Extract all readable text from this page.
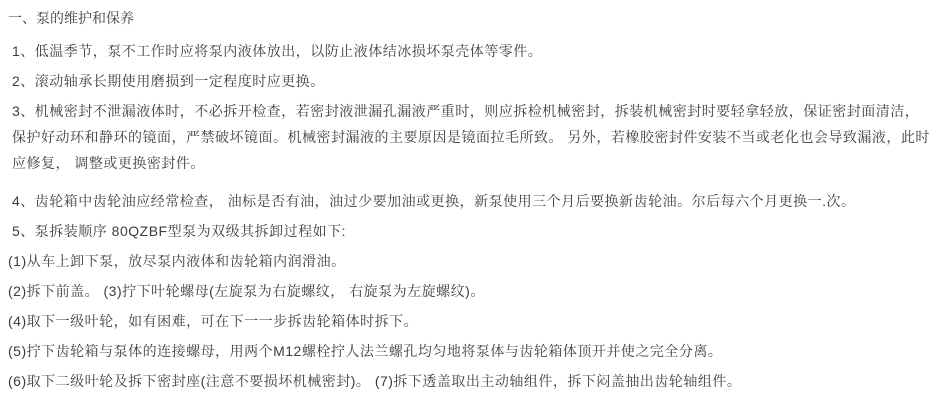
一、泵的维护和保养

1、低温季节，泵不工作时应将泵内液体放出，以防止液体结冰损坏泵壳体等零件。

2、滚动轴承长期使用磨损到一定程度时应更换。

3、机械密封不泄漏液体时，不必拆开检查，若密封液泄漏孔漏液严重时，则应拆检机械密封，拆装机械密封时要轻拿轻放，保证密封面清洁， 保护好动环和静环的镜面，严禁破坏镜面。机械密封漏液的主要原因是镜面拉毛所致。 另外，若橡胶密封件安装不当或老化也会导致漏液，此时应修复， 调整或更换密封件。

4、齿轮箱中齿轮油应经常检查， 油标是否有油，油过少要加油或更换，新泵使用三个月后要换新齿轮油。尔后每六个月更换一.次。

5、泵拆装顺序 80QZBF型泵为双级其拆卸过程如下:

(1)从车上卸下泵，放尽泵内液体和齿轮箱内润滑油。

(2)拆下前盖。 (3)拧下叶轮螺母(左旋泵为右旋螺纹， 右旋泵为左旋螺纹)。

(4)取下一级叶轮，如有困难，可在下一一步拆齿轮箱体时拆下。

(5)拧下齿轮箱与泵体的连接螺母，用两个M12螺栓拧人法兰螺孔均匀地将泵体与齿轮箱体顶开并使之完全分离。

(6)取下二级叶轮及拆下密封座(注意不要损坏机械密封)。 (7)拆下透盖取出主动轴组件，拆下闷盖抽出齿轮轴组件。
